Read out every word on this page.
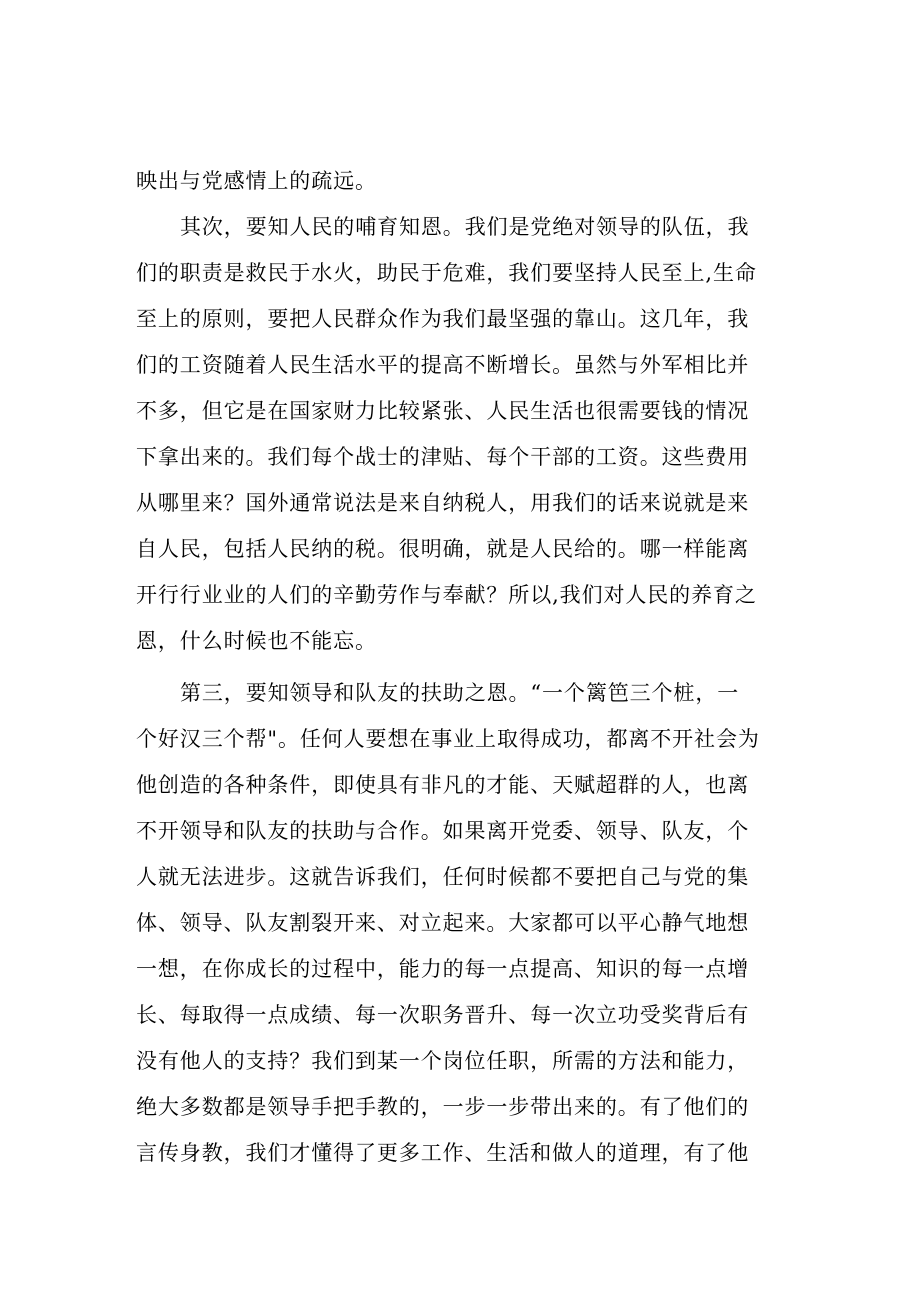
映出与党感情上的疏远。
其次，要知人民的哺育知恩。我们是党绝对领导的队伍，我
们的职责是救民于水火，助民于危难，我们要坚持人民至上,生命
至上的原则，要把人民群众作为我们最坚强的靠山。这几年，我
们的工资随着人民生活水平的提高不断增长。虽然与外军相比并
不多，但它是在国家财力比较紧张、人民生活也很需要钱的情况
下拿出来的。我们每个战士的津贴、每个干部的工资。这些费用
从哪里来？国外通常说法是来自纳税人，用我们的话来说就是来
自人民，包括人民纳的税。很明确，就是人民给的。哪一样能离
开行行业业的人们的辛勤劳作与奉献？所以,我们对人民的养育之
恩，什么时候也不能忘。
第三，要知领导和队友的扶助之恩。“一个篱笆三个桩，一
个好汉三个帮"。任何人要想在事业上取得成功，都离不开社会为
他创造的各种条件，即使具有非凡的才能、天赋超群的人，也离
不开领导和队友的扶助与合作。如果离开党委、领导、队友，个
人就无法进步。这就告诉我们，任何时候都不要把自己与党的集
体、领导、队友割裂开来、对立起来。大家都可以平心静气地想
一想，在你成长的过程中，能力的每一点提高、知识的每一点增
长、每取得一点成绩、每一次职务晋升、每一次立功受奖背后有
没有他人的支持？我们到某一个岗位任职，所需的方法和能力，
绝大多数都是领导手把手教的，一步一步带出来的。有了他们的
言传身教，我们才懂得了更多工作、生活和做人的道理，有了他
